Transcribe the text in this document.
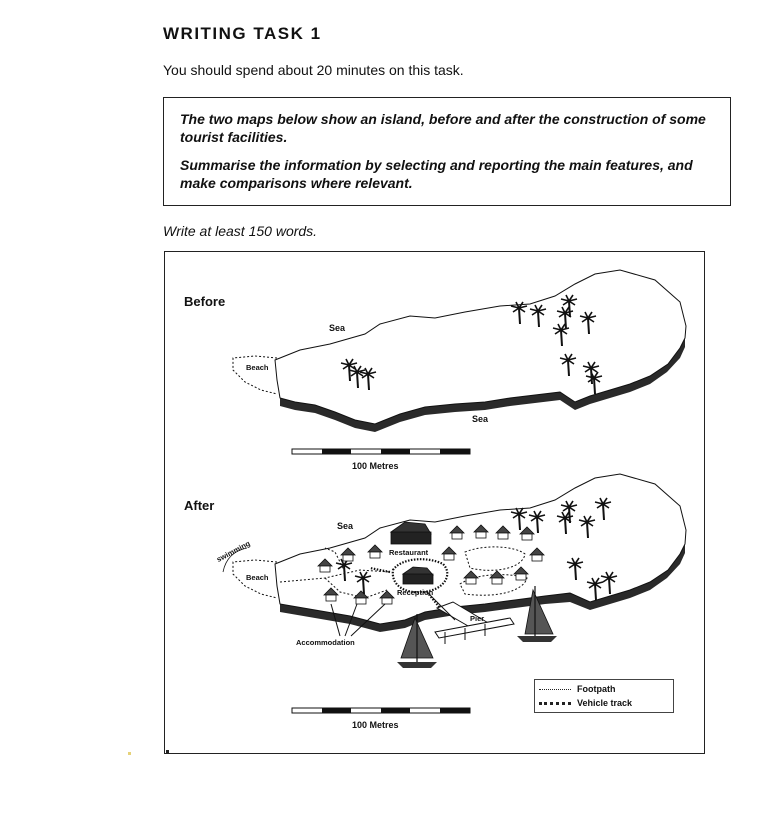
WRITING TASK 1
You should spend about 20 minutes on this task.

The two maps below show an island, before and after the construction of some tourist facilities.

Summarise the information by selecting and reporting the main features, and make comparisons where relevant.

Write at least 150 words.
Before
Sea
Beach
Sea
100 Metres
After
Sea
swimming
Beach
Restaurant
Reception
Pier
Accommodation
100 Metres
Footpath
Vehicle track
